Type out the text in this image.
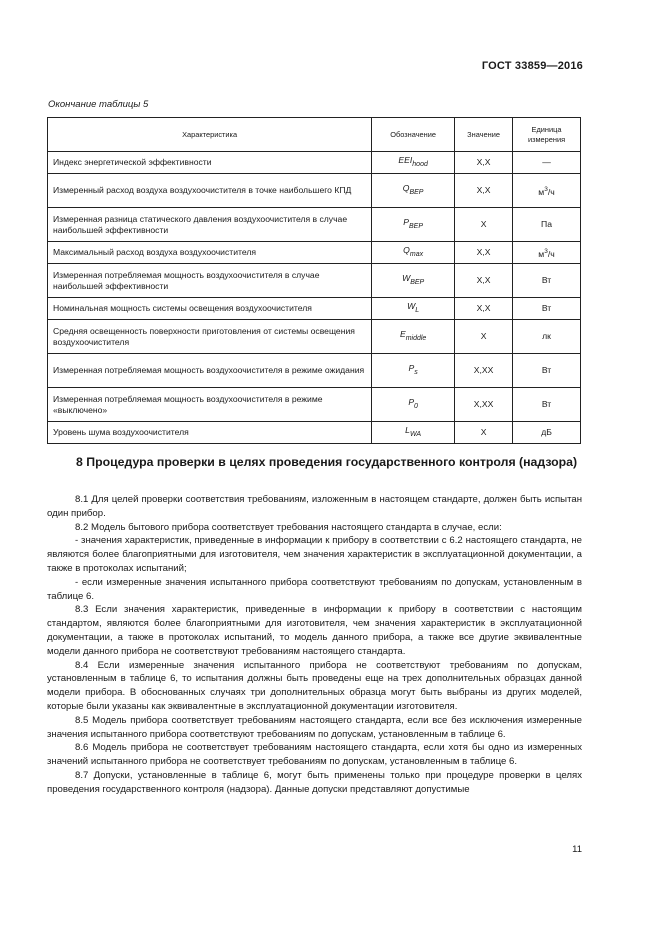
ГОСТ 33859—2016
Окончание таблицы 5
Характеристика	Обозначение	Значение	Единица измерения
Индекс энергетической эффективности	$EEI_{hood}$	X,X	—
Измеренный расход воздуха воздухоочистителя в точке наибольшего КПД	$Q_{BEP}$	X,X	$м^3/ч$
Измеренная разница статического давления воздухоочистителя в случае наибольшей эффективности	$P_{BEP}$	X	Па
Максимальный расход воздуха воздухоочистителя	$Q_{max}$	X,X	$м^3/ч$
Измеренная потребляемая мощность воздухоочистителя в случае наибольшей эффективности	$W_{BEP}$	X,X	Вт
Номинальная мощность системы освещения воздухоочистителя	$W_L$	X,X	Вт
Средняя освещенность поверхности приготовления от системы освещения воздухоочистителя	$E_{middle}$	X	лк
Измеренная потребляемая мощность воздухоочистителя в режиме ожидания	$P_s$	X,XX	Вт
Измеренная потребляемая мощность воздухоочистителя в режиме «выключено»	$P_0$	X,XX	Вт
Уровень шума воздухоочистителя	$L_{WA}$	X	дБ
8 Процедура проверки в целях проведения государственного контроля (надзора)

8.1 Для целей проверки соответствия требованиям, изложенным в настоящем стандарте, должен быть испытан один прибор.

8.2 Модель бытового прибора соответствует требования настоящего стандарта в случае, если:

- значения характеристик, приведенные в информации к прибору в соответствии с 6.2 настоящего стандарта, не являются более благоприятными для изготовителя, чем значения характеристик в эксплуатационной документации, а также в протоколах испытаний;

- если измеренные значения испытанного прибора соответствуют требованиям по допускам, установленным в таблице 6.

8.3 Если значения характеристик, приведенные в информации к прибору в соответствии с настоящим стандартом, являются более благоприятными для изготовителя, чем значения характеристик в эксплуатационной документации, а также в протоколах испытаний, то модель данного прибора, а также все другие эквивалентные модели данного прибора не соответствуют требованиям настоящего стандарта.

8.4 Если измеренные значения испытанного прибора не соответствуют требованиям по допускам, установленным в таблице 6, то испытания должны быть проведены еще на трех дополнительных образцах данной модели прибора. В обоснованных случаях три дополнительных образца могут быть выбраны из других моделей, которые были указаны как эквивалентные в эксплуатационной документации изготовителя.

8.5 Модель прибора соответствует требованиям настоящего стандарта, если все без исключения измеренные значения испытанного прибора соответствуют требованиям по допускам, установленным в таблице 6.

8.6 Модель прибора не соответствует требованиям настоящего стандарта, если хотя бы одно из измеренных значений испытанного прибора не соответствует требованиям по допускам, установленным в таблице 6.

8.7 Допуски, установленные в таблице 6, могут быть применены только при процедуре проверки в целях проведения государственного контроля (надзора). Данные допуски представляют допустимые

11
